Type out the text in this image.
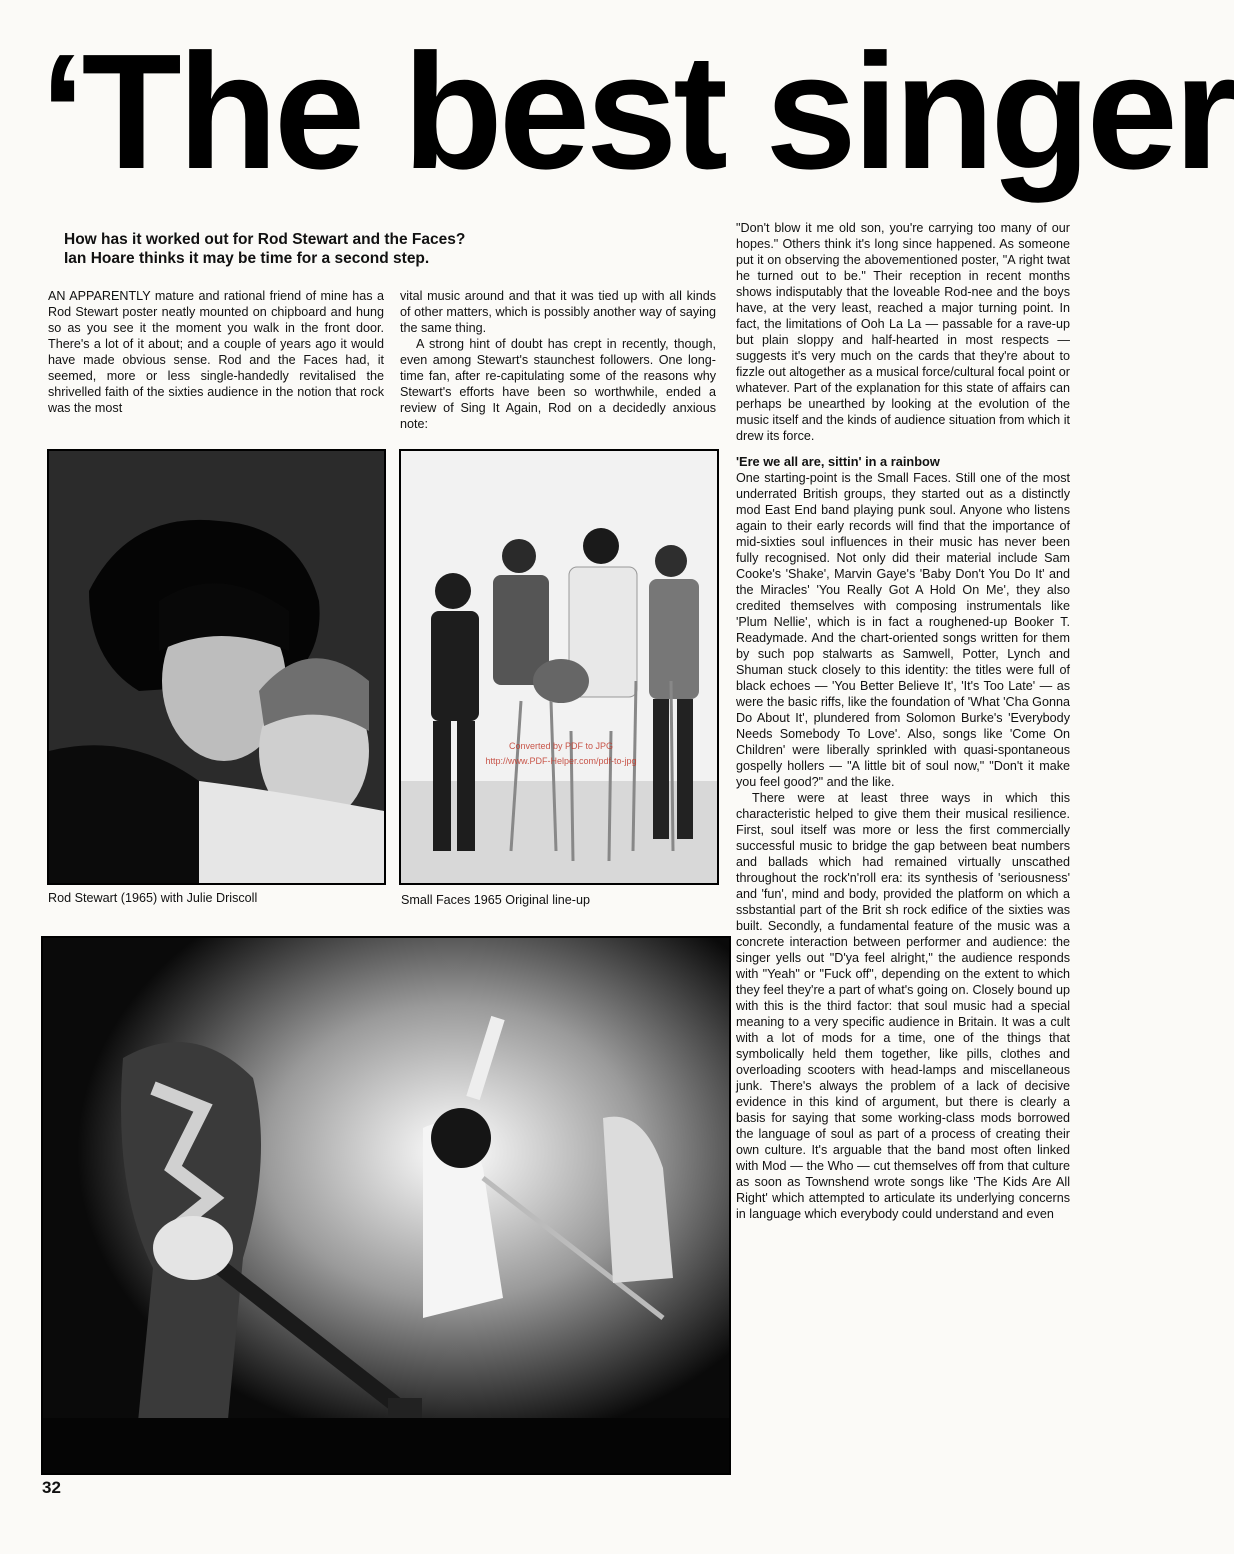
‘The best singer
How has it worked out for Rod Stewart and the Faces?
Ian Hoare thinks it may be time for a second step.

AN APPARENTLY mature and rational friend of mine has a Rod Stewart poster neatly mounted on chipboard and hung so as you see it the moment you walk in the front door. There's a lot of it about; and a couple of years ago it would have made obvious sense. Rod and the Faces had, it seemed, more or less single-handedly revitalised the shrivelled faith of the sixties audience in the notion that rock was the most

vital music around and that it was tied up with all kinds of other matters, which is possibly another way of saying the same thing.

A strong hint of doubt has crept in recently, though, even among Stewart's staunchest followers. One long-time fan, after re-capitulating some of the reasons why Stewart's efforts have been so worthwhile, ended a review of Sing It Again, Rod on a decidedly anxious note:

"Don't blow it me old son, you're carrying too many of our hopes." Others think it's long since happened. As someone put it on observing the abovementioned poster, "A right twat he turned out to be." Their reception in recent months shows indisputably that the loveable Rod-nee and the boys have, at the very least, reached a major turning point. In fact, the limitations of Ooh La La — passable for a rave-up but plain sloppy and half-hearted in most respects — suggests it's very much on the cards that they're about to fizzle out altogether as a musical force/cultural focal point or whatever. Part of the explanation for this state of affairs can perhaps be unearthed by looking at the evolution of the music itself and the kinds of audience situation from which it drew its force.

'Ere we all are, sittin' in a rainbow

One starting-point is the Small Faces. Still one of the most underrated British groups, they started out as a distinctly mod East End band playing punk soul. Anyone who listens again to their early records will find that the importance of mid-sixties soul influences in their music has never been fully recognised. Not only did their material include Sam Cooke's 'Shake', Marvin Gaye's 'Baby Don't You Do It' and the Miracles' 'You Really Got A Hold On Me', they also credited themselves with composing instrumentals like 'Plum Nellie', which is in fact a roughened-up Booker T. Readymade. And the chart-oriented songs written for them by such pop stalwarts as Samwell, Potter, Lynch and Shuman stuck closely to this identity: the titles were full of black echoes — 'You Better Believe It', 'It's Too Late' — as were the basic riffs, like the foundation of 'What 'Cha Gonna Do About It', plundered from Solomon Burke's 'Everybody Needs Somebody To Love'. Also, songs like 'Come On Children' were liberally sprinkled with quasi-spontaneous gospelly hollers — "A little bit of soul now," "Don't it make you feel good?" and the like.

There were at least three ways in which this characteristic helped to give them their musical resilience. First, soul itself was more or less the first commercially successful music to bridge the gap between beat numbers and ballads which had remained virtually unscathed throughout the rock'n'roll era: its synthesis of 'seriousness' and 'fun', mind and body, provided the platform on which a ssbstantial part of the Brit sh rock edifice of the sixties was built. Secondly, a fundamental feature of the music was a concrete interaction between performer and audience: the singer yells out "D'ya feel alright," the audience responds with "Yeah" or "Fuck off", depending on the extent to which they feel they're a part of what's going on. Closely bound up with this is the third factor: that soul music had a special meaning to a very specific audience in Britain. It was a cult with a lot of mods for a time, one of the things that symbolically held them together, like pills, clothes and overloading scooters with head-lamps and miscellaneous junk. There's always the problem of a lack of decisive evidence in this kind of argument, but there is clearly a basis for saying that some working-class mods borrowed the language of soul as part of a process of creating their own culture. It's arguable that the band most often linked with Mod — the Who — cut themselves off from that culture as soon as Townshend wrote songs like 'The Kids Are All Right' which attempted to articulate its underlying concerns in language which everybody could understand and even

Rod Stewart (1965) with Julie Driscoll
Converted by PDF to JPG
http://www.PDF-Helper.com/pdf-to-jpg
Small Faces 1965 Original line-up
32
